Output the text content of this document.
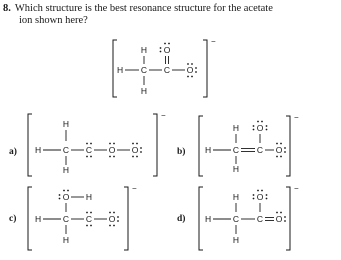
8. Which structure is the best resonance structure for the acetate
ion shown here?
−
H O
H C C O
H
a)
−
H
H	C C O O
H
b)
−
H O
H	C C O
H
c)
−
O H
H	C C O
H
d)
−
H O
H	C C O
H
